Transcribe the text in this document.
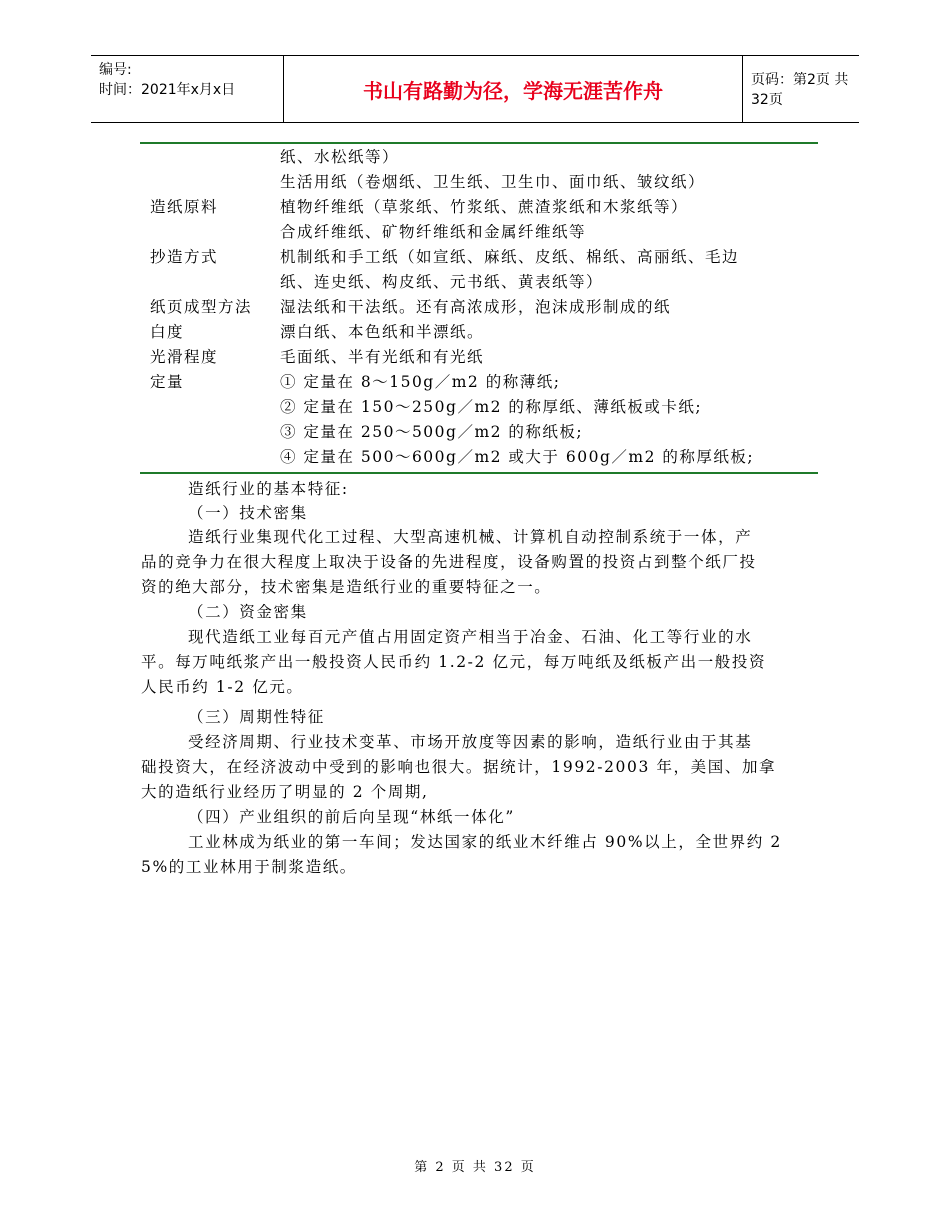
编号:
时间：2021年x月x日	书山有路勤为径，学海无涯苦作舟	页码：第2页 共32页
纸、水松纸等）
生活用纸（卷烟纸、卫生纸、卫生巾、面巾纸、皱纹纸）
造纸原料	植物纤维纸（草浆纸、竹浆纸、蔗渣浆纸和木浆纸等）
合成纤维纸、矿物纤维纸和金属纤维纸等
抄造方式	机制纸和手工纸（如宣纸、麻纸、皮纸、棉纸、高丽纸、毛边
纸、连史纸、构皮纸、元书纸、黄表纸等）
纸页成型方法 湿法纸和干法纸。还有高浓成形，泡沫成形制成的纸
白度	漂白纸、本色纸和半漂纸。
光滑程度	毛面纸、半有光纸和有光纸
定量	① 定量在 8～150g／m2 的称薄纸;
② 定量在 150～250g／m2 的称厚纸、薄纸板或卡纸;
③ 定量在 250～500g／m2 的称纸板;
④ 定量在 500～600g／m2 或大于 600g／m2 的称厚纸板;
造纸行业的基本特征:
（一）技术密集
造纸行业集现代化工过程、大型高速机械、计算机自动控制系统于一体，产
品的竞争力在很大程度上取决于设备的先进程度，设备购置的投资占到整个纸厂投
资的绝大部分，技术密集是造纸行业的重要特征之一。
（二）资金密集
现代造纸工业每百元产值占用固定资产相当于冶金、石油、化工等行业的水
平。每万吨纸浆产出一般投资人民币约 1.2-2 亿元，每万吨纸及纸板产出一般投资
人民币约 1-2 亿元。
（三）周期性特征
受经济周期、行业技术变革、市场开放度等因素的影响，造纸行业由于其基
础投资大，在经济波动中受到的影响也很大。据统计，1992-2003 年，美国、加拿
大的造纸行业经历了明显的 2 个周期,
（四）产业组织的前后向呈现“林纸一体化”
工业林成为纸业的第一车间；发达国家的纸业木纤维占 90%以上，全世界约 2
5%的工业林用于制浆造纸。
第 2 页 共 32 页
